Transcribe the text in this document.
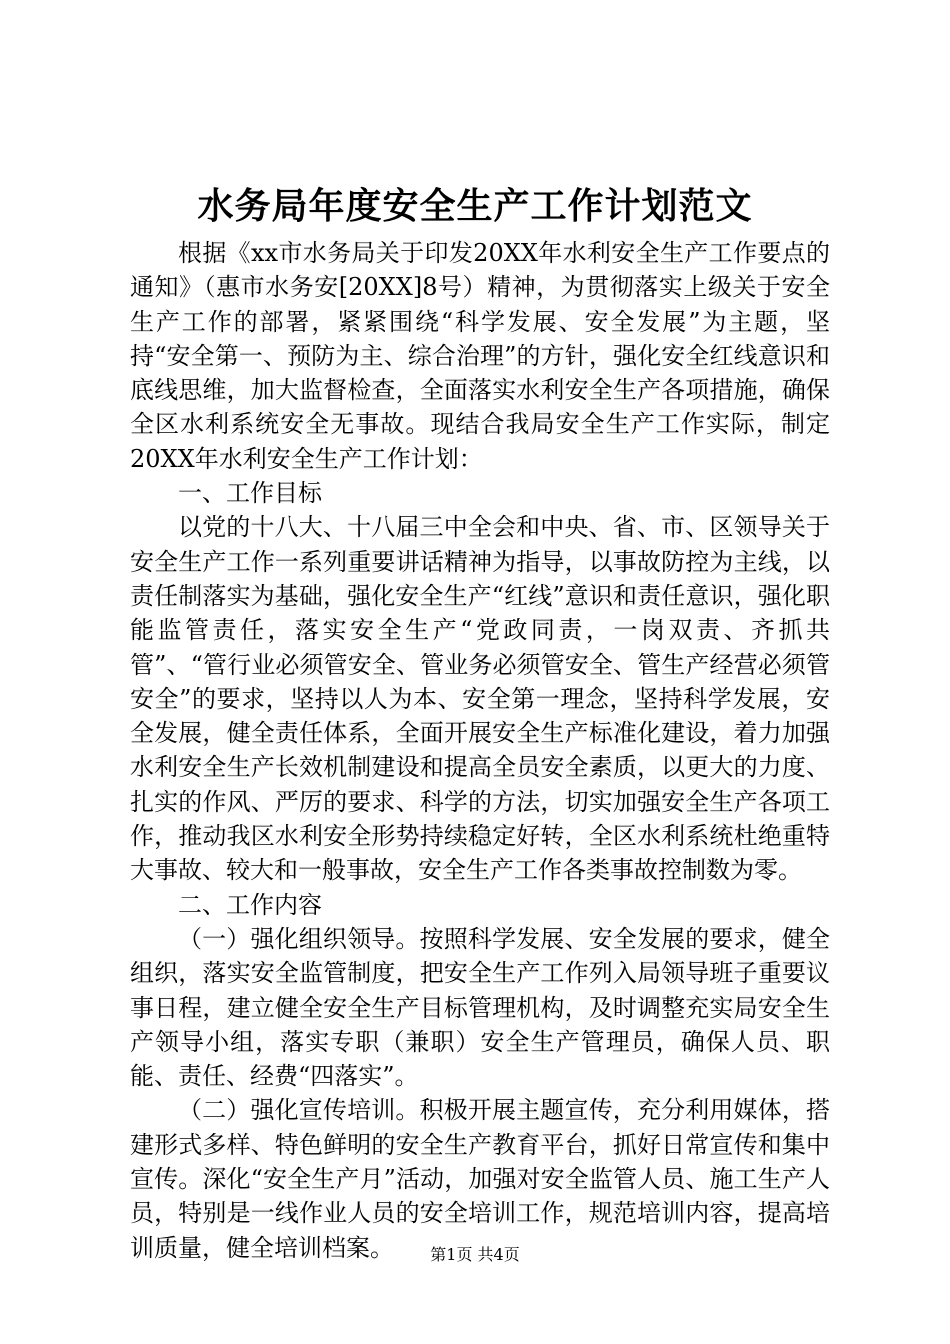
水务局年度安全生产工作计划范文

根据《xx市水务局关于印发20XX年水利安全生产工作要点的通知》（惠市水务安[20XX]8号）精神，为贯彻落实上级关于安全生产工作的部署，紧紧围绕“科学发展、安全发展”为主题，坚持“安全第一、预防为主、综合治理”的方针，强化安全红线意识和底线思维，加大监督检查，全面落实水利安全生产各项措施，确保全区水利系统安全无事故。现结合我局安全生产工作实际，制定20XX年水利安全生产工作计划：

一、工作目标

以党的十八大、十八届三中全会和中央、省、市、区领导关于安全生产工作一系列重要讲话精神为指导，以事故防控为主线，以责任制落实为基础，强化安全生产“红线”意识和责任意识，强化职能监管责任，落实安全生产“党政同责，一岗双责、齐抓共管”、“管行业必须管安全、管业务必须管安全、管生产经营必须管安全”的要求，坚持以人为本、安全第一理念，坚持科学发展，安全发展，健全责任体系，全面开展安全生产标准化建设，着力加强水利安全生产长效机制建设和提高全员安全素质，以更大的力度、扎实的作风、严厉的要求、科学的方法，切实加强安全生产各项工作，推动我区水利安全形势持续稳定好转，全区水利系统杜绝重特大事故、较大和一般事故，安全生产工作各类事故控制数为零。

二、工作内容

（一）强化组织领导。按照科学发展、安全发展的要求，健全组织，落实安全监管制度，把安全生产工作列入局领导班子重要议事日程，建立健全安全生产目标管理机构，及时调整充实局安全生产领导小组，落实专职（兼职）安全生产管理员，确保人员、职能、责任、经费“四落实”。

（二）强化宣传培训。积极开展主题宣传，充分利用媒体，搭建形式多样、特色鲜明的安全生产教育平台，抓好日常宣传和集中宣传。深化“安全生产月”活动，加强对安全监管人员、施工生产人员，特别是一线作业人员的安全培训工作，规范培训内容，提高培训质量，健全培训档案。	第1页 共4页
